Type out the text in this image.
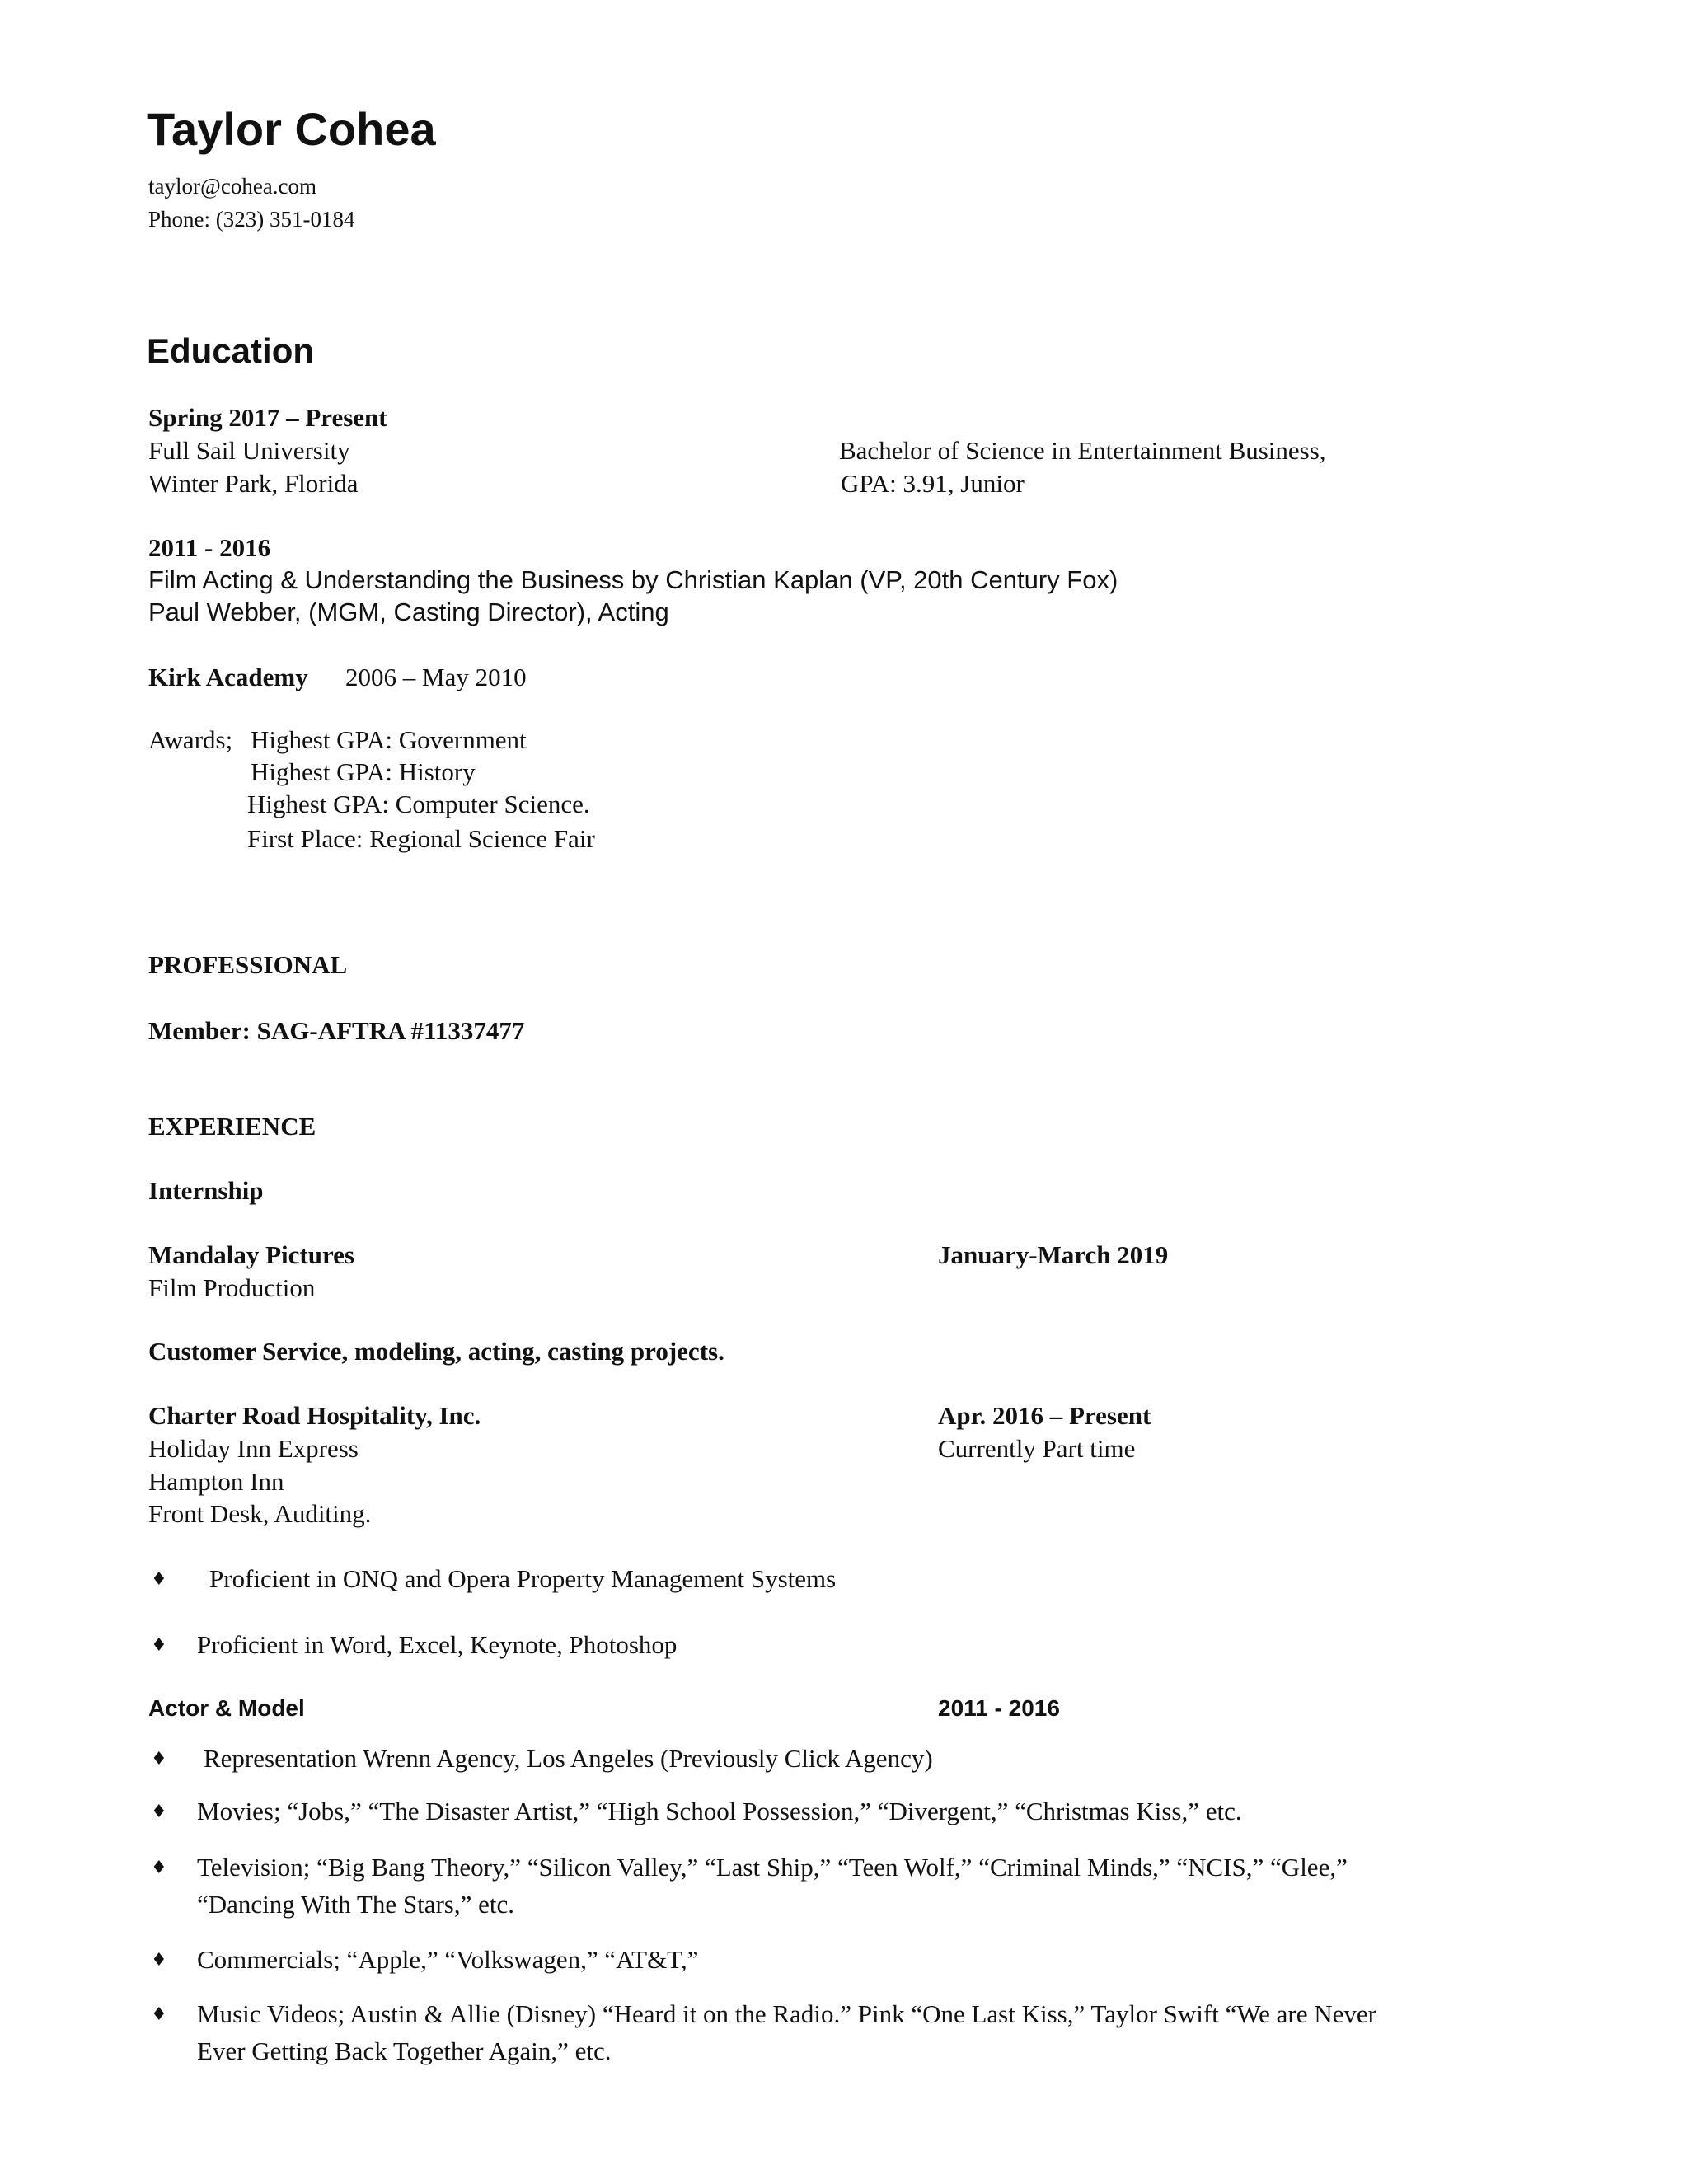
Taylor Cohea
taylor@cohea.com
Phone: (323) 351-0184
Education
Spring 2017 – Present
Full Sail University	Bachelor of Science in Entertainment Business,
Winter Park, Florida	GPA: 3.91, Junior
2011 - 2016
Film Acting & Understanding the Business by Christian Kaplan (VP, 20th Century Fox)
Paul Webber, (MGM, Casting Director), Acting
Kirk Academy 2006 – May 2010
Awards; Highest GPA: Government
Highest GPA: History
Highest GPA: Computer Science.
First Place: Regional Science Fair
PROFESSIONAL
Member: SAG-AFTRA #11337477
EXPERIENCE
Internship
Mandalay Pictures	January-March 2019
Film Production
Customer Service, modeling, acting, casting projects.
Charter Road Hospitality, Inc.	Apr. 2016 – Present
Holiday Inn Express	Currently Part time
Hampton Inn
Front Desk, Auditing.
♦ Proficient in ONQ and Opera Property Management Systems
♦ Proficient in Word, Excel, Keynote, Photoshop
Actor & Model	2011 - 2016
♦ Representation Wrenn Agency, Los Angeles (Previously Click Agency)
♦ Movies; “Jobs,” “The Disaster Artist,” “High School Possession,” “Divergent,” “Christmas Kiss,” etc.
♦ Television; “Big Bang Theory,” “Silicon Valley,” “Last Ship,” “Teen Wolf,” “Criminal Minds,” “NCIS,” “Glee,”
“Dancing With The Stars,” etc.
♦ Commercials; “Apple,” “Volkswagen,” “AT&T,”
♦ Music Videos; Austin & Allie (Disney) “Heard it on the Radio.” Pink “One Last Kiss,” Taylor Swift “We are Never
Ever Getting Back Together Again,” etc.
